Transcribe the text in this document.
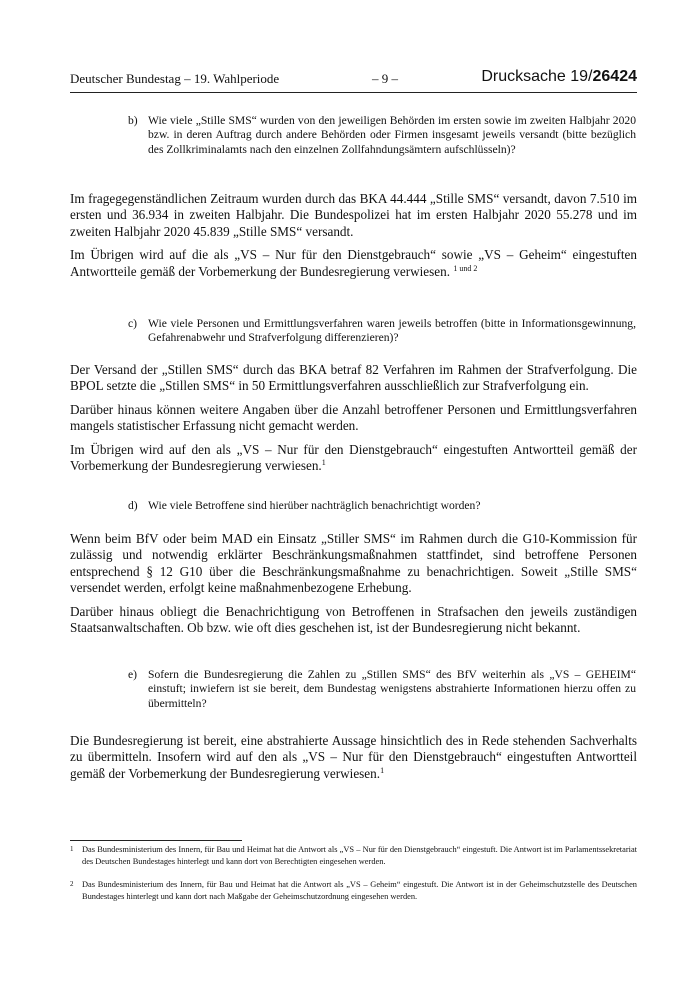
Deutscher Bundestag – 19. Wahlperiode	– 9 –	Drucksache 19/26424
b) Wie viele „Stille SMS“ wurden von den jeweiligen Behörden im ersten sowie im zweiten Halbjahr 2020 bzw. in deren Auftrag durch andere Behörden oder Firmen insgesamt jeweils versandt (bitte bezüglich des Zollkriminalamts nach den einzelnen Zollfahndungsämtern aufschlüsseln)?

Im fragegegenständlichen Zeitraum wurden durch das BKA 44.444 „Stille SMS“ versandt, davon 7.510 im ersten und 36.934 in zweiten Halbjahr. Die Bundespolizei hat im ersten Halbjahr 2020 55.278 und im zweiten Halbjahr 2020 45.839 „Stille SMS“ versandt.

Im Übrigen wird auf die als „VS – Nur für den Dienstgebrauch“ sowie „VS – Geheim“ eingestuften Antwortteile gemäß der Vorbemerkung der Bundesregierung verwiesen. $^{1 und 2}$

c) Wie viele Personen und Ermittlungsverfahren waren jeweils betroffen (bitte in Informationsgewinnung, Gefahrenabwehr und Strafverfolgung differenzieren)?

Der Versand der „Stillen SMS“ durch das BKA betraf 82 Verfahren im Rahmen der Strafverfolgung. Die BPOL setzte die „Stillen SMS“ in 50 Ermittlungsverfahren ausschließlich zur Strafverfolgung ein.

Darüber hinaus können weitere Angaben über die Anzahl betroffener Personen und Ermittlungsverfahren mangels statistischer Erfassung nicht gemacht werden.

Im Übrigen wird auf den als „VS – Nur für den Dienstgebrauch“ eingestuften Antwortteil gemäß der Vorbemerkung der Bundesregierung verwiesen.$^1$

d) Wie viele Betroffene sind hierüber nachträglich benachrichtigt worden?

Wenn beim BfV oder beim MAD ein Einsatz „Stiller SMS“ im Rahmen durch die G10-Kommission für zulässig und notwendig erklärter Beschränkungsmaßnahmen stattfindet, sind betroffene Personen entsprechend § 12 G10 über die Beschränkungsmaßnahme zu benachrichtigen. Soweit „Stille SMS“ versendet werden, erfolgt keine maßnahmenbezogene Erhebung.

Darüber hinaus obliegt die Benachrichtigung von Betroffenen in Strafsachen den jeweils zuständigen Staatsanwaltschaften. Ob bzw. wie oft dies geschehen ist, ist der Bundesregierung nicht bekannt.

e) Sofern die Bundesregierung die Zahlen zu „Stillen SMS“ des BfV weiterhin als „VS – GEHEIM“ einstuft; inwiefern ist sie bereit, dem Bundestag wenigstens abstrahierte Informationen hierzu offen zu übermitteln?

Die Bundesregierung ist bereit, eine abstrahierte Aussage hinsichtlich des in Rede stehenden Sachverhalts zu übermitteln. Insofern wird auf den als „VS – Nur für den Dienstgebrauch“ eingestuften Antwortteil gemäß der Vorbemerkung der Bundesregierung verwiesen.$^1$

1 Das Bundesministerium des Innern, für Bau und Heimat hat die Antwort als „VS – Nur für den Dienstgebrauch“ eingestuft. Die Antwort ist im Parlamentssekretariat des Deutschen Bundestages hinterlegt und kann dort von Berechtigten eingesehen werden.
2 Das Bundesministerium des Innern, für Bau und Heimat hat die Antwort als „VS – Geheim“ eingestuft. Die Antwort ist in der Geheimschutzstelle des Deutschen Bundestages hinterlegt und kann dort nach Maßgabe der Geheimschutzordnung eingesehen werden.
